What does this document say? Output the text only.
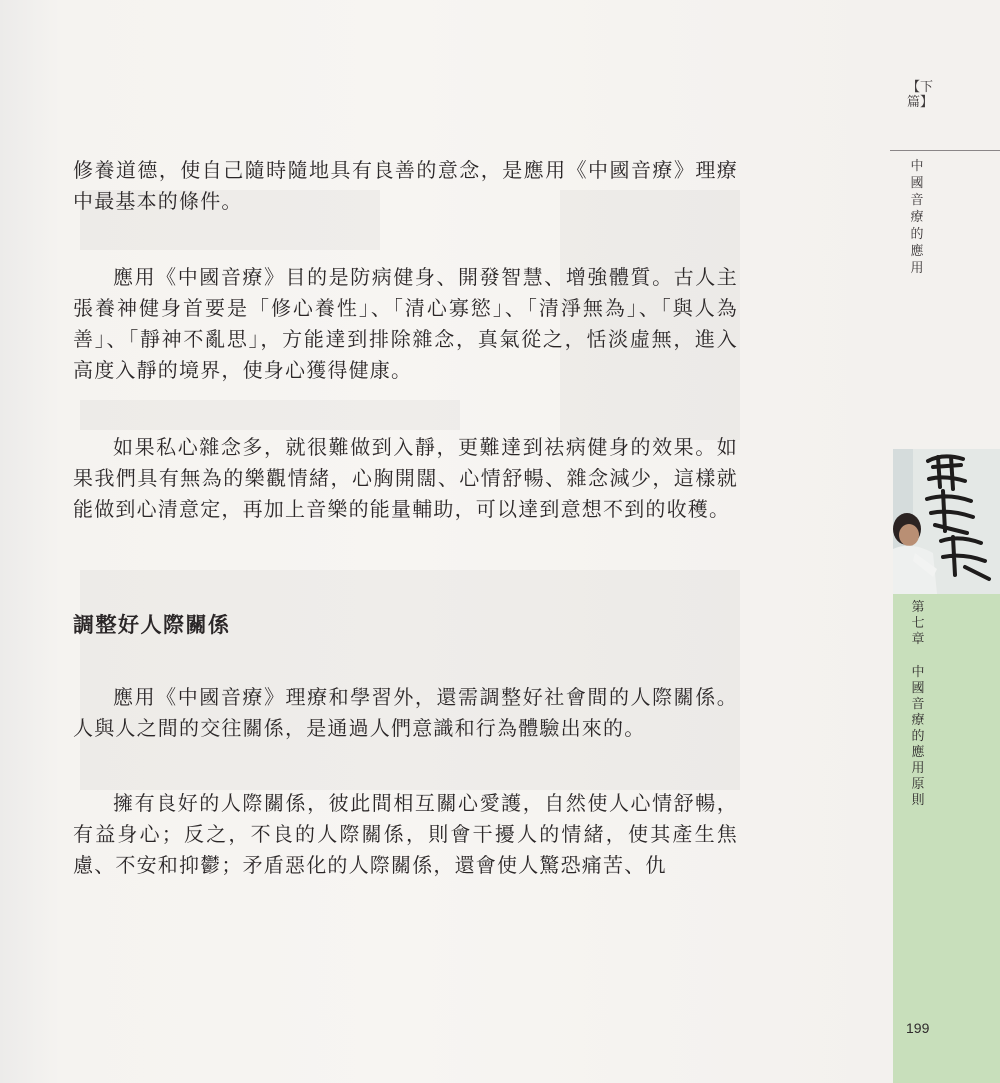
修養道德，使自己隨時隨地具有良善的意念，是應用《中國音療》理療中最基本的條件。

應用《中國音療》目的是防病健身、開發智慧、增強體質。古人主張養神健身首要是「修心養性」、「清心寡慾」、「清淨無為」、「與人為善」、「靜神不亂思」，方能達到排除雜念，真氣從之，恬淡虛無，進入高度入靜的境界，使身心獲得健康。

如果私心雜念多，就很難做到入靜，更難達到祛病健身的效果。如果我們具有無為的樂觀情緒，心胸開闊、心情舒暢、雜念減少，這樣就能做到心清意定，再加上音樂的能量輔助，可以達到意想不到的收穫。

調整好人際關係

應用《中國音療》理療和學習外，還需調整好社會間的人際關係。人與人之間的交往關係，是通過人們意識和行為體驗出來的。

擁有良好的人際關係，彼此間相互關心愛護，自然使人心情舒暢，有益身心；反之，不良的人際關係，則會干擾人的情緒，使其產生焦慮、不安和抑鬱；矛盾惡化的人際關係，還會使人驚恐痛苦、仇

【下篇】
中國音療的應用
第七章
中國音療的應用原則
199
